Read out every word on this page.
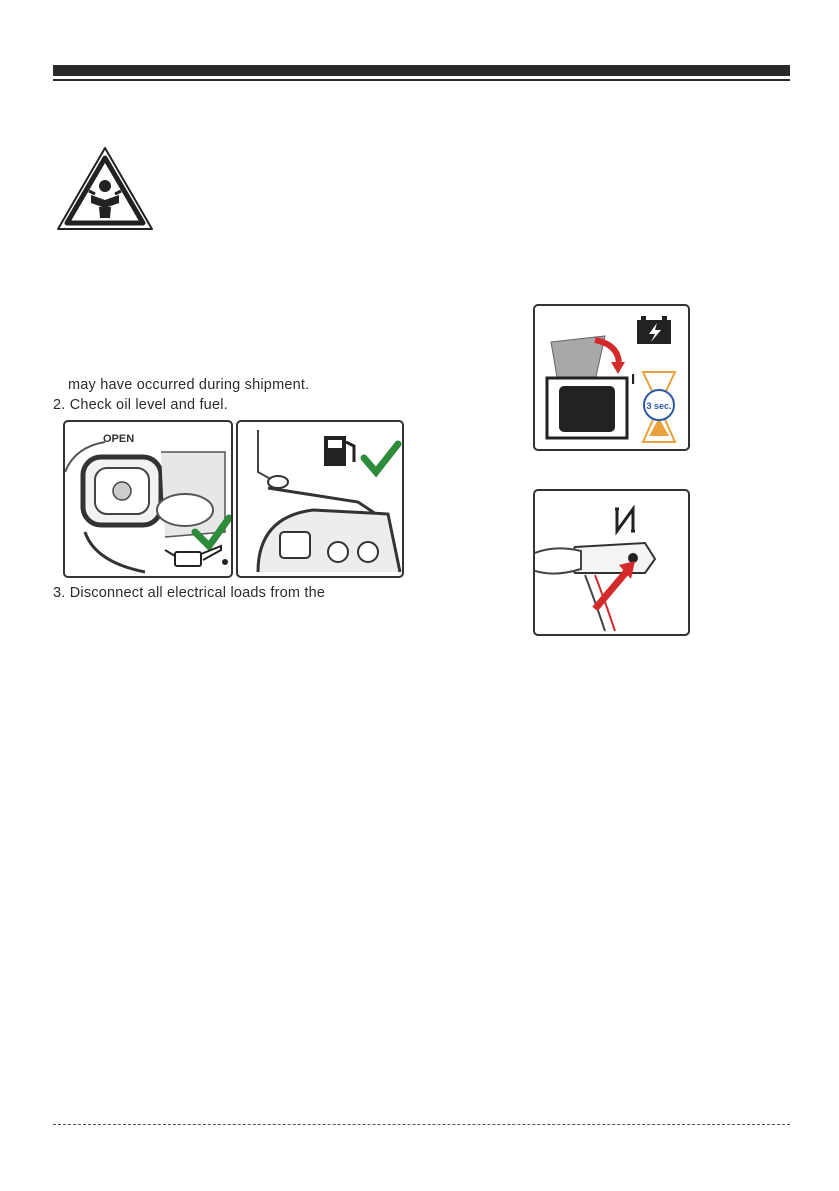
may have occurred during shipment.
2. Check oil level and fuel.
3. Disconnect all electrical loads from the
OPEN
I
3 sec.
